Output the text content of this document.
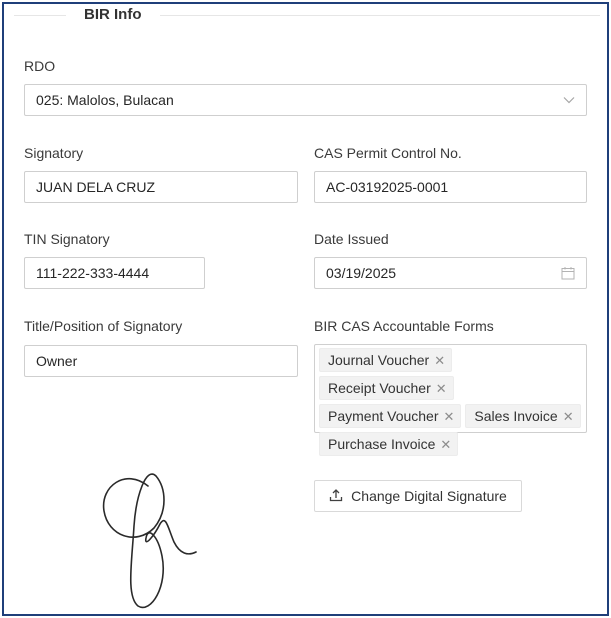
BIR Info
RDO
025: Malolos, Bulacan
Signatory
JUAN DELA CRUZ
CAS Permit Control No.
AC-03192025-0001
TIN Signatory
111-222-333-4444
Date Issued
03/19/2025
Title/Position of Signatory
Owner
BIR CAS Accountable Forms
Journal Voucher ✕
Receipt Voucher ✕
Payment Voucher ✕ Sales Invoice ✕
Purchase Invoice ✕
Change Digital Signature
